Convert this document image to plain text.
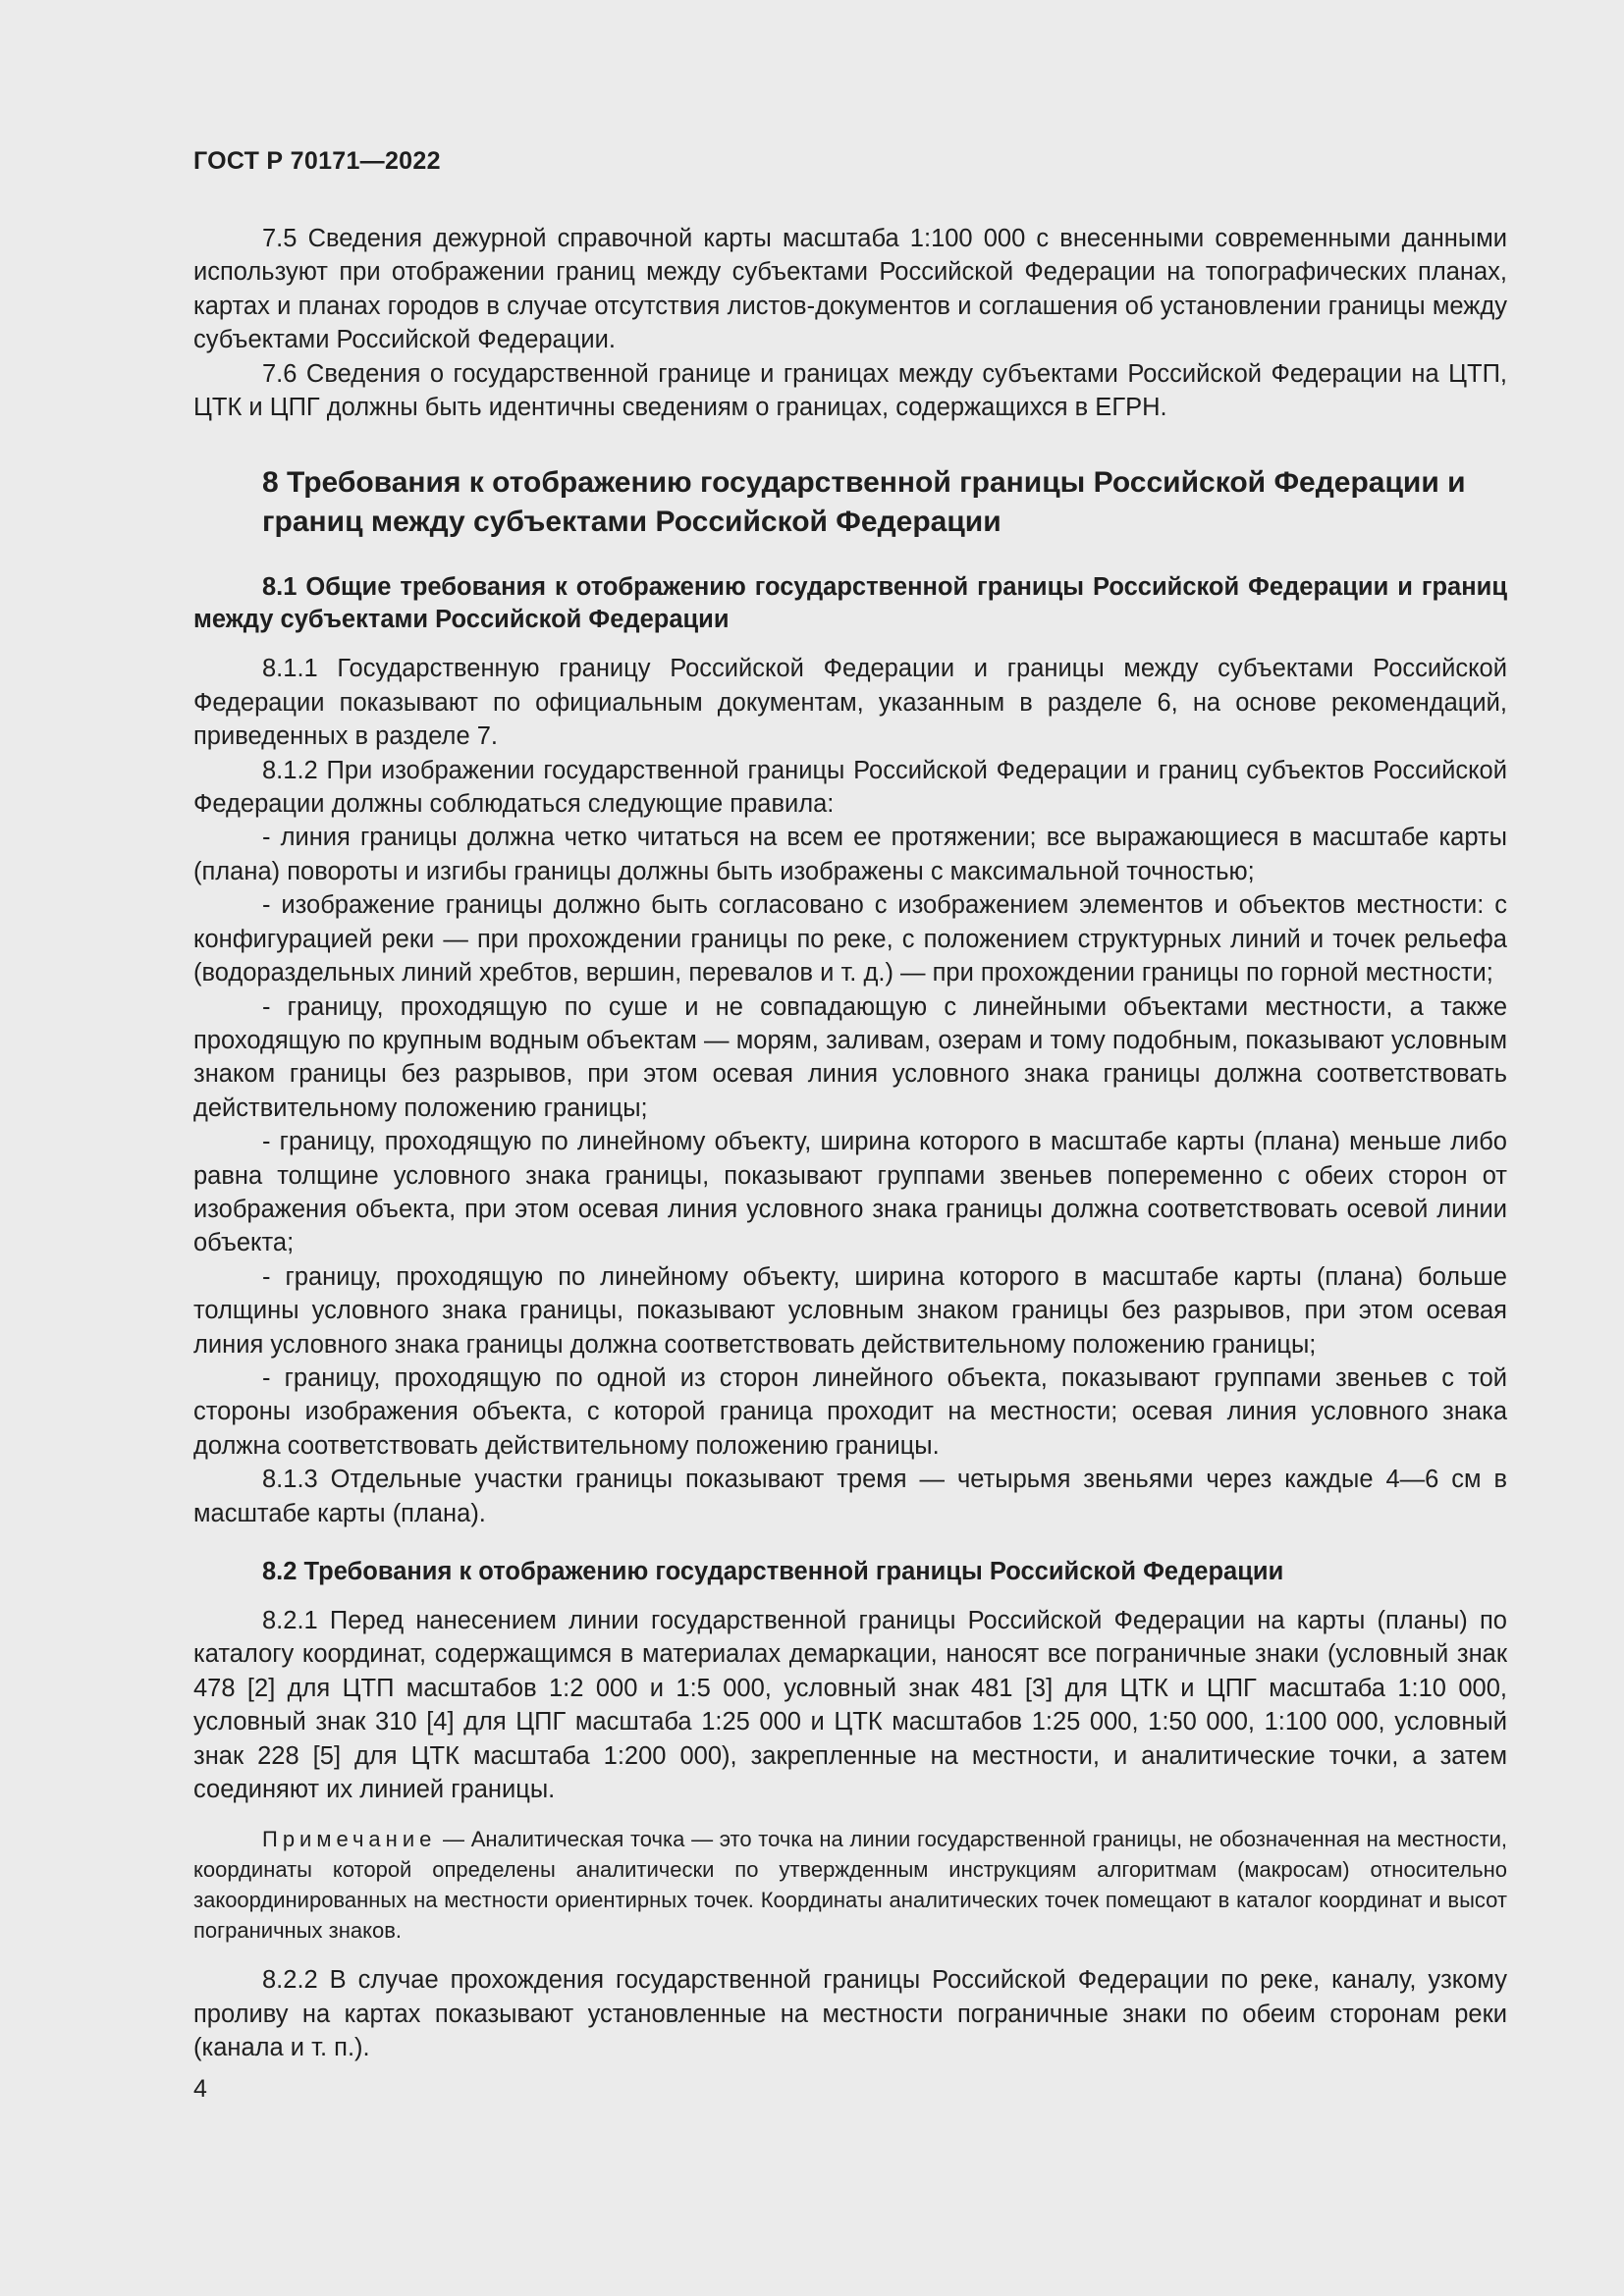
ГОСТ Р 70171—2022

7.5 Сведения дежурной справочной карты масштаба 1:100 000 с внесенными современными данными используют при отображении границ между субъектами Российской Федерации на топографических планах, картах и планах городов в случае отсутствия листов-документов и соглашения об установлении границы между субъектами Российской Федерации.

7.6 Сведения о государственной границе и границах между субъектами Российской Федерации на ЦТП, ЦТК и ЦПГ должны быть идентичны сведениям о границах, содержащихся в ЕГРН.

8 Требования к отображению государственной границы Российской Федерации и границ между субъектами Российской Федерации
8.1 Общие требования к отображению государственной границы Российской Федерации и границ между субъектами Российской Федерации

8.1.1 Государственную границу Российской Федерации и границы между субъектами Российской Федерации показывают по официальным документам, указанным в разделе 6, на основе рекомендаций, приведенных в разделе 7.

8.1.2 При изображении государственной границы Российской Федерации и границ субъектов Российской Федерации должны соблюдаться следующие правила:

- линия границы должна четко читаться на всем ее протяжении; все выражающиеся в масштабе карты (плана) повороты и изгибы границы должны быть изображены с максимальной точностью;

- изображение границы должно быть согласовано с изображением элементов и объектов местности: с конфигурацией реки — при прохождении границы по реке, с положением структурных линий и точек рельефа (водораздельных линий хребтов, вершин, перевалов и т. д.) — при прохождении границы по горной местности;

- границу, проходящую по суше и не совпадающую с линейными объектами местности, а также проходящую по крупным водным объектам — морям, заливам, озерам и тому подобным, показывают условным знаком границы без разрывов, при этом осевая линия условного знака границы должна соответствовать действительному положению границы;

- границу, проходящую по линейному объекту, ширина которого в масштабе карты (плана) меньше либо равна толщине условного знака границы, показывают группами звеньев попеременно с обеих сторон от изображения объекта, при этом осевая линия условного знака границы должна соответствовать осевой линии объекта;

- границу, проходящую по линейному объекту, ширина которого в масштабе карты (плана) больше толщины условного знака границы, показывают условным знаком границы без разрывов, при этом осевая линия условного знака границы должна соответствовать действительному положению границы;

- границу, проходящую по одной из сторон линейного объекта, показывают группами звеньев с той стороны изображения объекта, с которой граница проходит на местности; осевая линия условного знака должна соответствовать действительному положению границы.

8.1.3 Отдельные участки границы показывают тремя — четырьмя звеньями через каждые 4—6 см в масштабе карты (плана).

8.2 Требования к отображению государственной границы Российской Федерации

8.2.1 Перед нанесением линии государственной границы Российской Федерации на карты (планы) по каталогу координат, содержащимся в материалах демаркации, наносят все пограничные знаки (условный знак 478 [2] для ЦТП масштабов 1:2 000 и 1:5 000, условный знак 481 [3] для ЦТК и ЦПГ масштаба 1:10 000, условный знак 310 [4] для ЦПГ масштаба 1:25 000 и ЦТК масштабов 1:25 000, 1:50 000, 1:100 000, условный знак 228 [5] для ЦТК масштаба 1:200 000), закрепленные на местности, и аналитические точки, а затем соединяют их линией границы.

Примечание — Аналитическая точка — это точка на линии государственной границы, не обозначенная на местности, координаты которой определены аналитически по утвержденным инструкциям алгоритмам (макросам) относительно закоординированных на местности ориентирных точек. Координаты аналитических точек помещают в каталог координат и высот пограничных знаков.

8.2.2 В случае прохождения государственной границы Российской Федерации по реке, каналу, узкому проливу на картах показывают установленные на местности пограничные знаки по обеим сторонам реки (канала и т. п.).

4
